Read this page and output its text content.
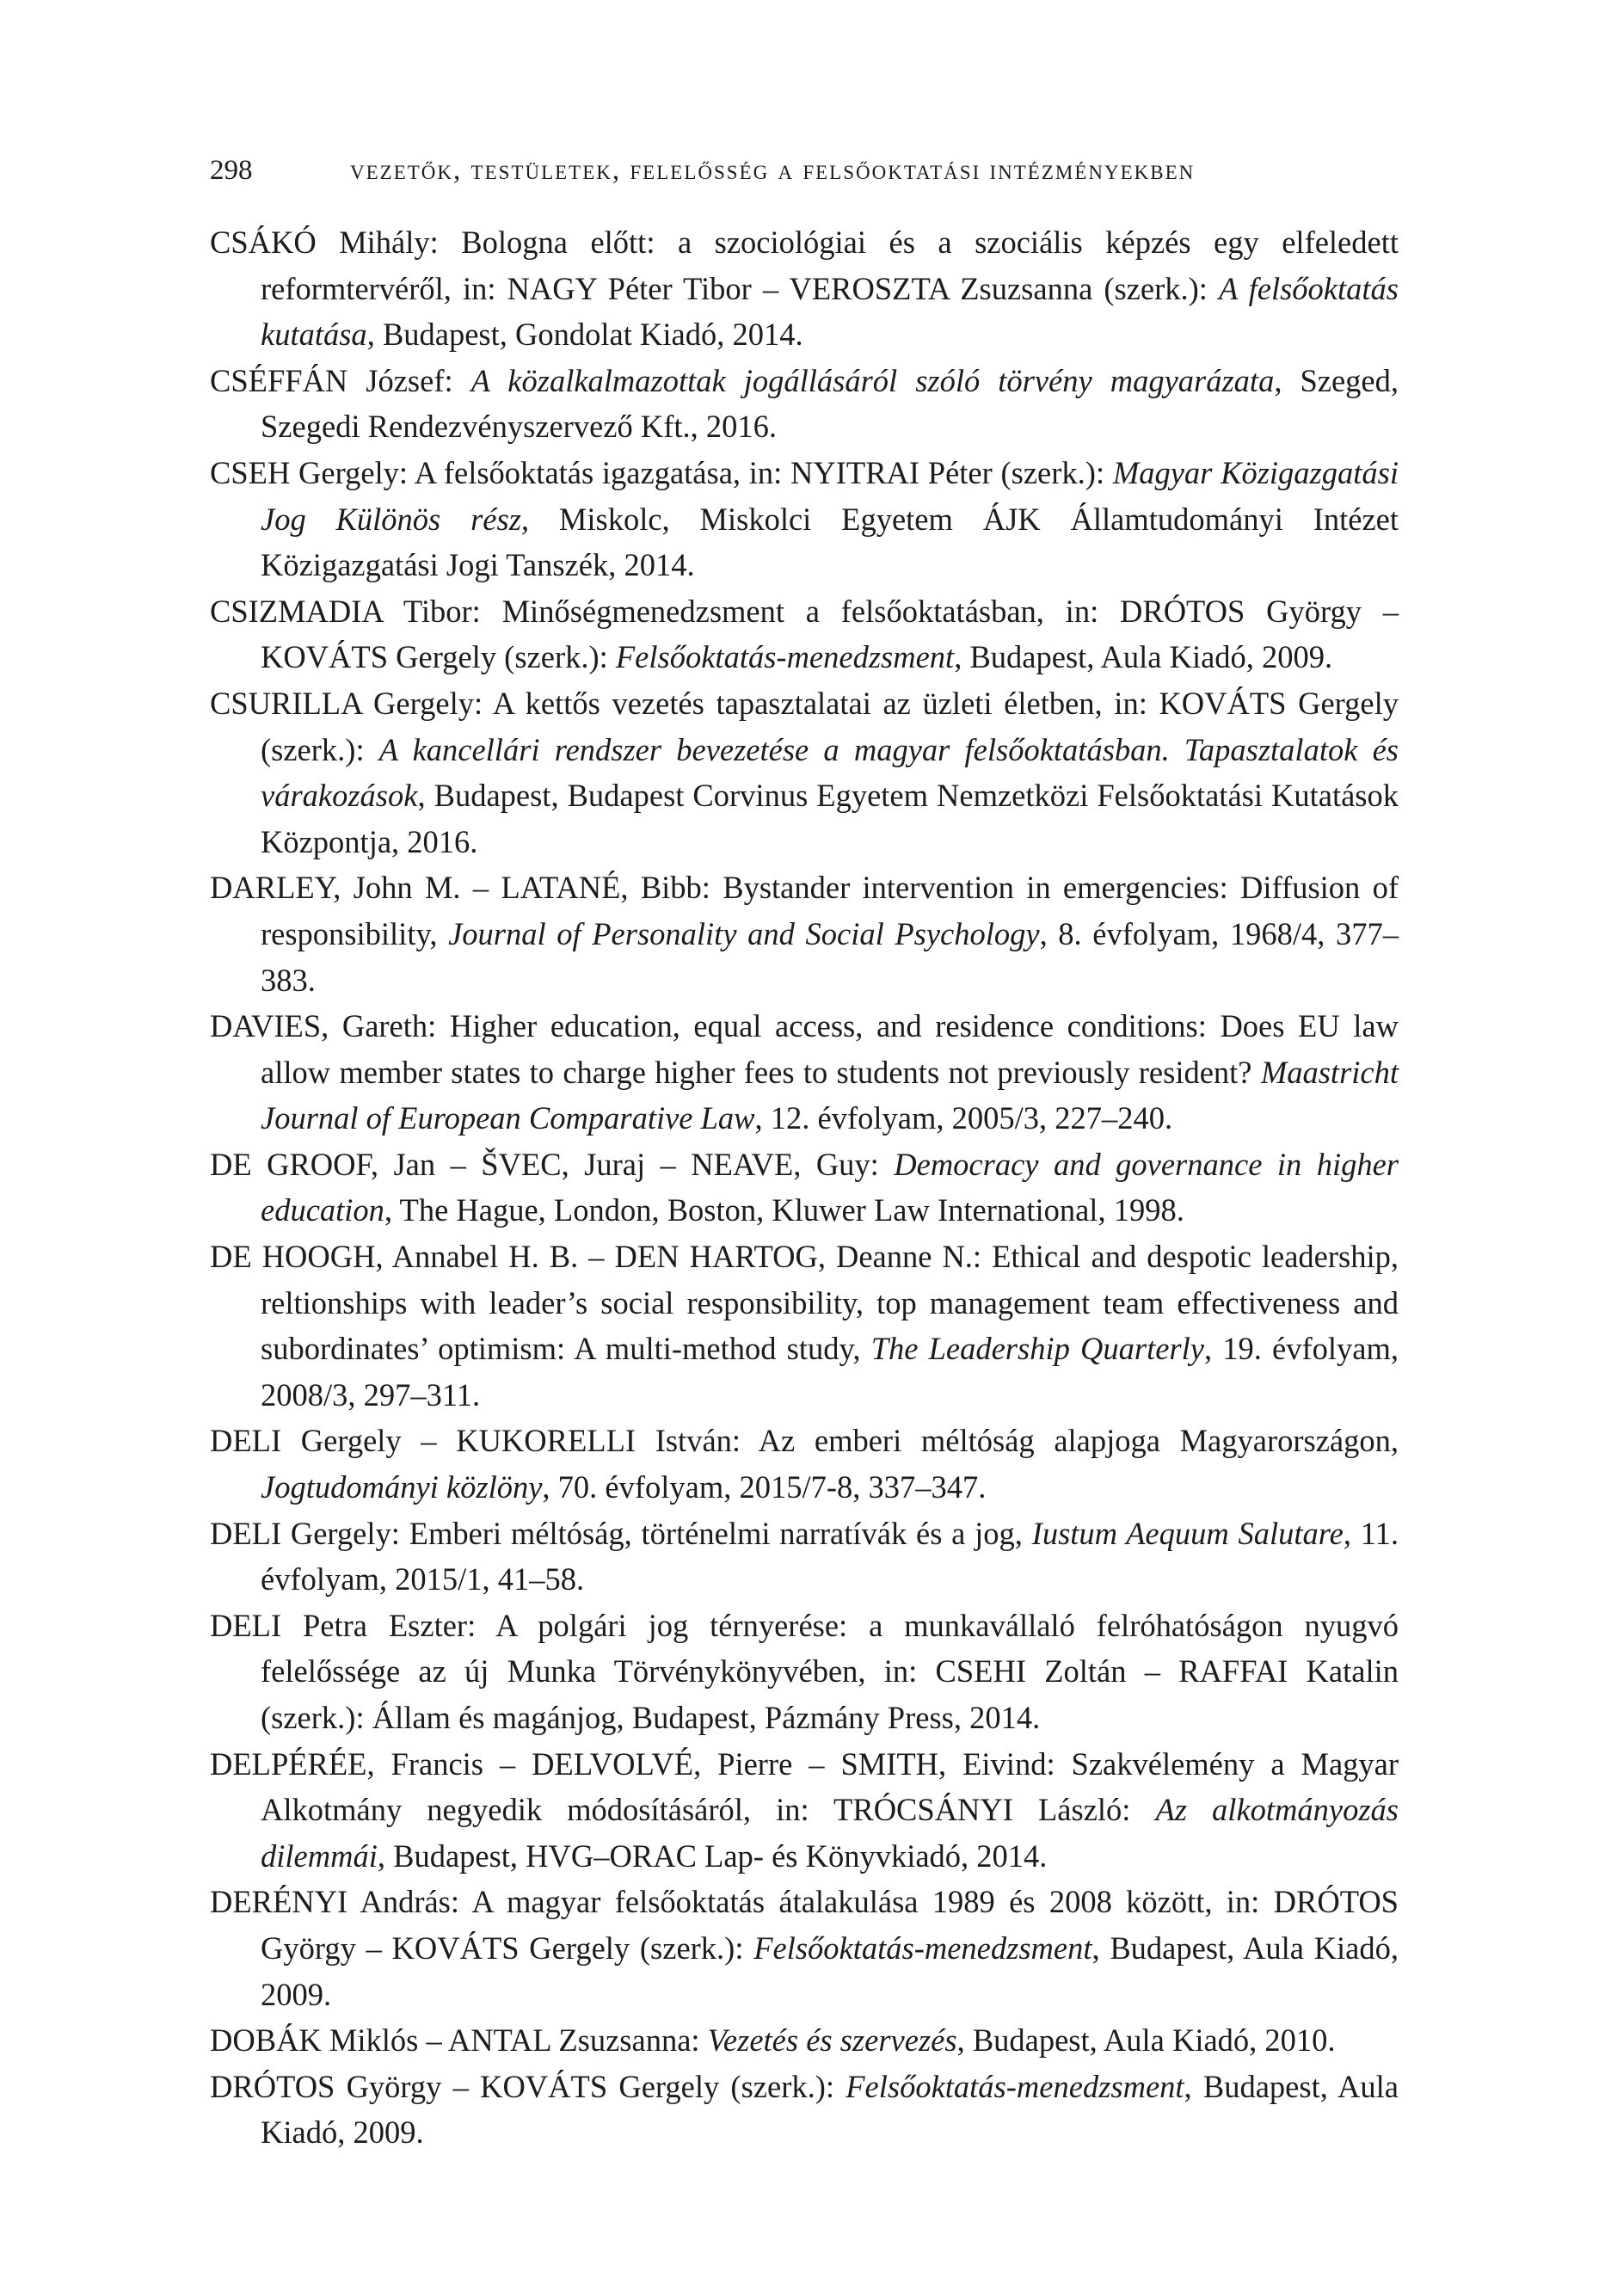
298	vezetők, testületek, felelősség a felsőoktatási intézményekben

CSÁKÓ Mihály: Bologna előtt: a szociológiai és a szociális képzés egy elfeledett reformtervéről, in: NAGY Péter Tibor – VEROSZTA Zsuzsanna (szerk.): A felsőoktatás kutatása, Budapest, Gondolat Kiadó, 2014.

CSÉFFÁN József: A közalkalmazottak jogállásáról szóló törvény magyarázata, Szeged, Szegedi Rendezvényszervező Kft., 2016.

CSEH Gergely: A felsőoktatás igazgatása, in: NYITRAI Péter (szerk.): Magyar Közigazgatási Jog Különös rész, Miskolc, Miskolci Egyetem ÁJK Államtudományi Intézet Közigazgatási Jogi Tanszék, 2014.

CSIZMADIA Tibor: Minőségmenedzsment a felsőoktatásban, in: DRÓTOS György – KOVÁTS Gergely (szerk.): Felsőoktatás-menedzsment, Budapest, Aula Kiadó, 2009.

CSURILLA Gergely: A kettős vezetés tapasztalatai az üzleti életben, in: KOVÁTS Gergely (szerk.): A kancellári rendszer bevezetése a magyar felsőoktatásban. Tapasztalatok és várakozások, Budapest, Budapest Corvinus Egyetem Nemzetközi Felsőoktatási Kutatások Központja, 2016.

DARLEY, John M. – LATANÉ, Bibb: Bystander intervention in emergencies: Diffusion of responsibility, Journal of Personality and Social Psychology, 8. évfolyam, 1968/4, 377–383.

DAVIES, Gareth: Higher education, equal access, and residence conditions: Does EU law allow member states to charge higher fees to students not previously resident? Maastricht Journal of European Comparative Law, 12. évfolyam, 2005/3, 227–240.

DE GROOF, Jan – ŠVEC, Juraj – NEAVE, Guy: Democracy and governance in higher education, The Hague, London, Boston, Kluwer Law International, 1998.

DE HOOGH, Annabel H. B. – DEN HARTOG, Deanne N.: Ethical and despotic leadership, reltionships with leader’s social responsibility, top management team effectiveness and subordinates’ optimism: A multi-method study, The Leadership Quarterly, 19. évfolyam, 2008/3, 297–311.

DELI Gergely – KUKORELLI István: Az emberi méltóság alapjoga Magyarországon, Jogtudományi közlöny, 70. évfolyam, 2015/7-8, 337–347.

DELI Gergely: Emberi méltóság, történelmi narratívák és a jog, Iustum Aequum Salutare, 11. évfolyam, 2015/1, 41–58.

DELI Petra Eszter: A polgári jog térnyerése: a munkavállaló felróhatóságon nyugvó felelőssége az új Munka Törvénykönyvében, in: CSEHI Zoltán – RAFFAI Katalin (szerk.): Állam és magánjog, Budapest, Pázmány Press, 2014.

DELPÉRÉE, Francis – DELVOLVÉ, Pierre – SMITH, Eivind: Szakvélemény a Magyar Alkotmány negyedik módosításáról, in: TRÓCSÁNYI László: Az alkotmányozás dilemmái, Budapest, HVG–ORAC Lap- és Könyvkiadó, 2014.

DERÉNYI András: A magyar felsőoktatás átalakulása 1989 és 2008 között, in: DRÓTOS György – KOVÁTS Gergely (szerk.): Felsőoktatás-menedzsment, Budapest, Aula Kiadó, 2009.

DOBÁK Miklós – ANTAL Zsuzsanna: Vezetés és szervezés, Budapest, Aula Kiadó, 2010.

DRÓTOS György – KOVÁTS Gergely (szerk.): Felsőoktatás-menedzsment, Budapest, Aula Kiadó, 2009.
